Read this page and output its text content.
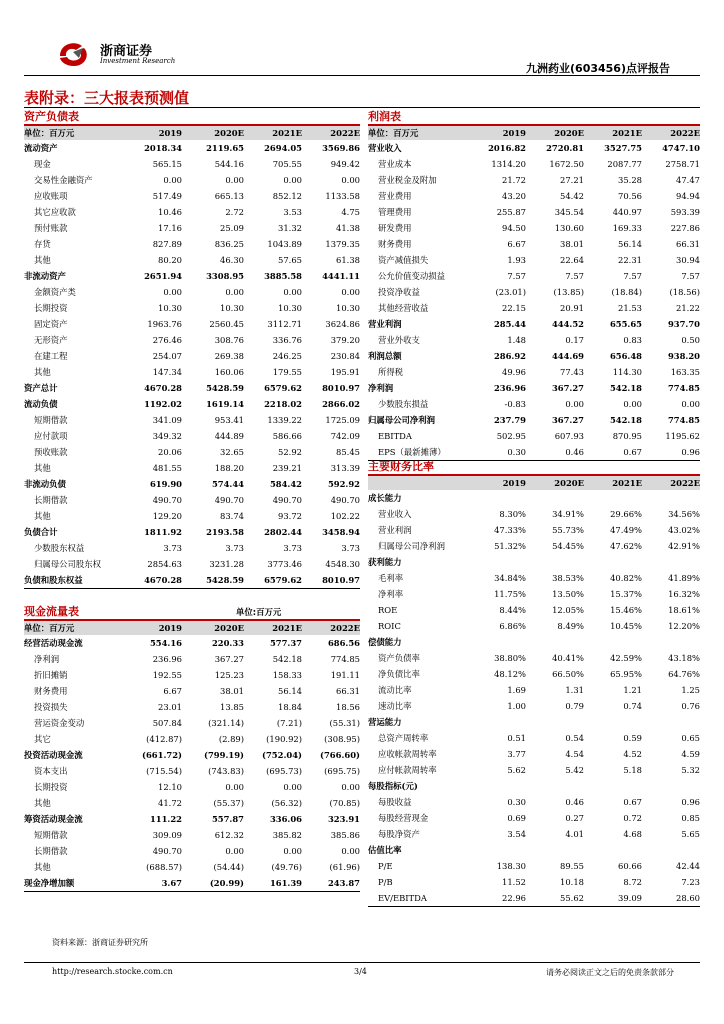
浙商证券
Investment Research
九洲药业(603456)点评报告
表附录：三大报表预测值
资产负债表
单位：百万元	2019	2020E	2021E	2022E
流动资产	2018.34	2119.65	2694.05	3569.86
现金	565.15	544.16	705.55	949.42
交易性金融资产	0.00	0.00	0.00	0.00
应收账项	517.49	665.13	852.12	1133.58
其它应收款	10.46	2.72	3.53	4.75
预付账款	17.16	25.09	31.32	41.38
存货	827.89	836.25	1043.89	1379.35
其他	80.20	46.30	57.65	61.38
非流动资产	2651.94	3308.95	3885.58	4441.11
金额资产类	0.00	0.00	0.00	0.00
长期投资	10.30	10.30	10.30	10.30
固定资产	1963.76	2560.45	3112.71	3624.86
无形资产	276.46	308.76	336.76	379.20
在建工程	254.07	269.38	246.25	230.84
其他	147.34	160.06	179.55	195.91
资产总计	4670.28	5428.59	6579.62	8010.97
流动负债	1192.02	1619.14	2218.02	2866.02
短期借款	341.09	953.41	1339.22	1725.09
应付款项	349.32	444.89	586.66	742.09
预收账款	20.06	32.65	52.92	85.45
其他	481.55	188.20	239.21	313.39
非流动负债	619.90	574.44	584.42	592.92
长期借款	490.70	490.70	490.70	490.70
其他	129.20	83.74	93.72	102.22
负债合计	1811.92	2193.58	2802.44	3458.94
少数股东权益	3.73	3.73	3.73	3.73
归属母公司股东权	2854.63	3231.28	3773.46	4548.30
负债和股东权益	4670.28	5428.59	6579.62	8010.97
现金流量表	单位:百万元
单位：百万元	2019	2020E	2021E	2022E
经营活动现金流	554.16	220.33	577.37	686.56
净利润	236.96	367.27	542.18	774.85
折旧摊销	192.55	125.23	158.33	191.11
财务费用	6.67	38.01	56.14	66.31
投资损失	23.01	13.85	18.84	18.56
营运资金变动	507.84	(321.14)	(7.21)	(55.31)
其它	(412.87)	(2.89)	(190.92)	(308.95)
投资活动现金流	(661.72)	(799.19)	(752.04)	(766.60)
资本支出	(715.54)	(743.83)	(695.73)	(695.75)
长期投资	12.10	0.00	0.00	0.00
其他	41.72	(55.37)	(56.32)	(70.85)
筹资活动现金流	111.22	557.87	336.06	323.91
短期借款	309.09	612.32	385.82	385.86
长期借款	490.70	0.00	0.00	0.00
其他	(688.57)	(54.44)	(49.76)	(61.96)
现金净增加额	3.67	(20.99)	161.39	243.87
利润表
单位：百万元	2019	2020E	2021E	2022E
营业收入	2016.82	2720.81	3527.75	4747.10
营业成本	1314.20	1672.50	2087.77	2758.71
营业税金及附加	21.72	27.21	35.28	47.47
营业费用	43.20	54.42	70.56	94.94
管理费用	255.87	345.54	440.97	593.39
研发费用	94.50	130.60	169.33	227.86
财务费用	6.67	38.01	56.14	66.31
资产减值损失	1.93	22.64	22.31	30.94
公允价值变动损益	7.57	7.57	7.57	7.57
投资净收益	(23.01)	(13.85)	(18.84)	(18.56)
其他经营收益	22.15	20.91	21.53	21.22
营业利润	285.44	444.52	655.65	937.70
营业外收支	1.48	0.17	0.83	0.50
利润总额	286.92	444.69	656.48	938.20
所得税	49.96	77.43	114.30	163.35
净利润	236.96	367.27	542.18	774.85
少数股东损益	-0.83	0.00	0.00	0.00
归属母公司净利润	237.79	367.27	542.18	774.85
EBITDA	502.95	607.93	870.95	1195.62
EPS（最新摊薄）	0.30	0.46	0.67	0.96
主要财务比率
2019	2020E	2021E	2022E
成长能力
营业收入	8.30%	34.91%	29.66%	34.56%
营业利润	47.33%	55.73%	47.49%	43.02%
归属母公司净利润	51.32%	54.45%	47.62%	42.91%
获利能力
毛利率	34.84%	38.53%	40.82%	41.89%
净利率	11.75%	13.50%	15.37%	16.32%
ROE	8.44%	12.05%	15.46%	18.61%
ROIC	6.86%	8.49%	10.45%	12.20%
偿债能力
资产负债率	38.80%	40.41%	42.59%	43.18%
净负债比率	48.12%	66.50%	65.95%	64.76%
流动比率	1.69	1.31	1.21	1.25
速动比率	1.00	0.79	0.74	0.76
营运能力
总资产周转率	0.51	0.54	0.59	0.65
应收帐款周转率	3.77	4.54	4.52	4.59
应付帐款周转率	5.62	5.42	5.18	5.32
每股指标(元)
每股收益	0.30	0.46	0.67	0.96
每股经营现金	0.69	0.27	0.72	0.85
每股净资产	3.54	4.01	4.68	5.65
估值比率
P/E	138.30	89.55	60.66	42.44
P/B	11.52	10.18	8.72	7.23
EV/EBITDA	22.96	55.62	39.09	28.60
资料来源：浙商证券研究所
http://research.stocke.com.cn	3/4	请务必阅读正文之后的免责条款部分
